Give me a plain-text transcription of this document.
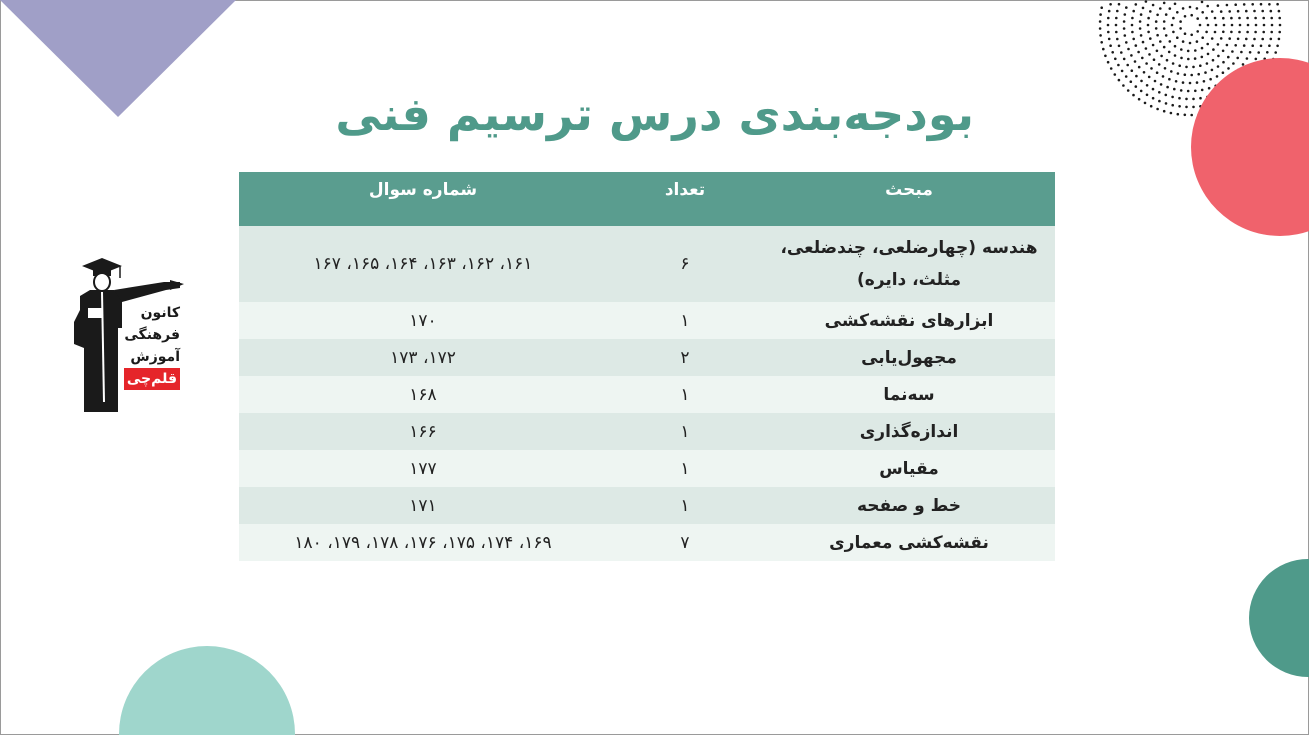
کانون
فرهنگی
آموزش
قلم‌چی
بودجه‌بندی درس ترسیم فنی
مبحث	تعداد	شماره سوال
هندسه (چهارضلعی، چندضلعی، مثلث، دایره)	۶	۱۶۱، ۱۶۲، ۱۶۳، ۱۶۴، ۱۶۵، ۱۶۷
ابزارهای نقشه‌کشی	۱	۱۷۰
مجهول‌یابی	۲	۱۷۲، ۱۷۳
سه‌نما	۱	۱۶۸
اندازه‌گذاری	۱	۱۶۶
مقیاس	۱	۱۷۷
خط و صفحه	۱	۱۷۱
نقشه‌کشی معماری	۷	۱۶۹، ۱۷۴، ۱۷۵، ۱۷۶، ۱۷۸، ۱۷۹، ۱۸۰
